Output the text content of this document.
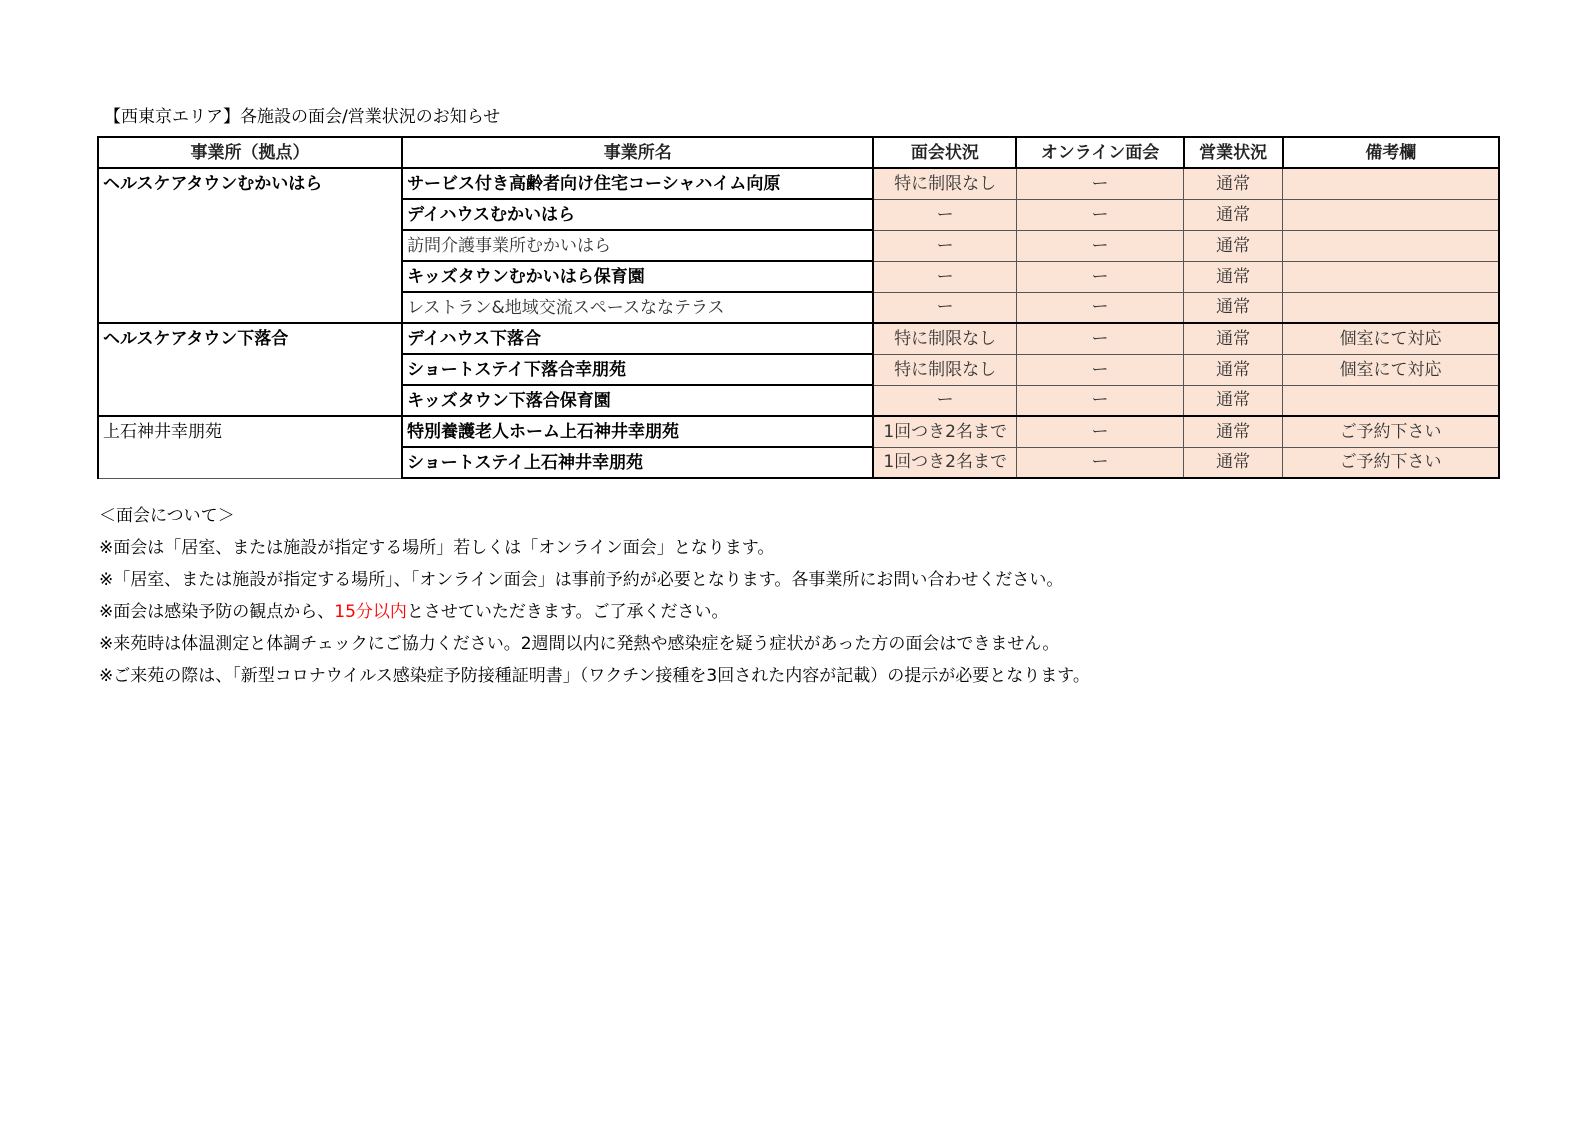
【西東京エリア】各施設の面会/営業状況のお知らせ
事業所（拠点）	事業所名	面会状況	オンライン面会	営業状況	備考欄
ヘルスケアタウンむかいはら	サービス付き高齢者向け住宅コーシャハイム向原	特に制限なし	ー	通常	
	デイハウスむかいはら	ー	ー	通常	
	訪問介護事業所むかいはら	ー	ー	通常	
	キッズタウンむかいはら保育園	ー	ー	通常	
	レストラン&地域交流スペースななテラス	ー	ー	通常	
ヘルスケアタウン下落合	デイハウス下落合	特に制限なし	ー	通常	個室にて対応
	ショートステイ下落合幸朋苑	特に制限なし	ー	通常	個室にて対応
	キッズタウン下落合保育園	ー	ー	通常	
上石神井幸朋苑	特別養護老人ホーム上石神井幸朋苑	1回つき2名まで	ー	通常	ご予約下さい
	ショートステイ上石神井幸朋苑	1回つき2名まで	ー	通常	ご予約下さい
＜面会について＞
※面会は「居室、または施設が指定する場所」若しくは「オンライン面会」となります。
※「居室、または施設が指定する場所」、「オンライン面会」は事前予約が必要となります。各事業所にお問い合わせください。
※面会は感染予防の観点から、15分以内とさせていただきます。ご了承ください。
※来苑時は体温測定と体調チェックにご協力ください。2週間以内に発熱や感染症を疑う症状があった方の面会はできません。
※ご来苑の際は、「新型コロナウイルス感染症予防接種証明書」（ワクチン接種を3回された内容が記載）の提示が必要となります。
